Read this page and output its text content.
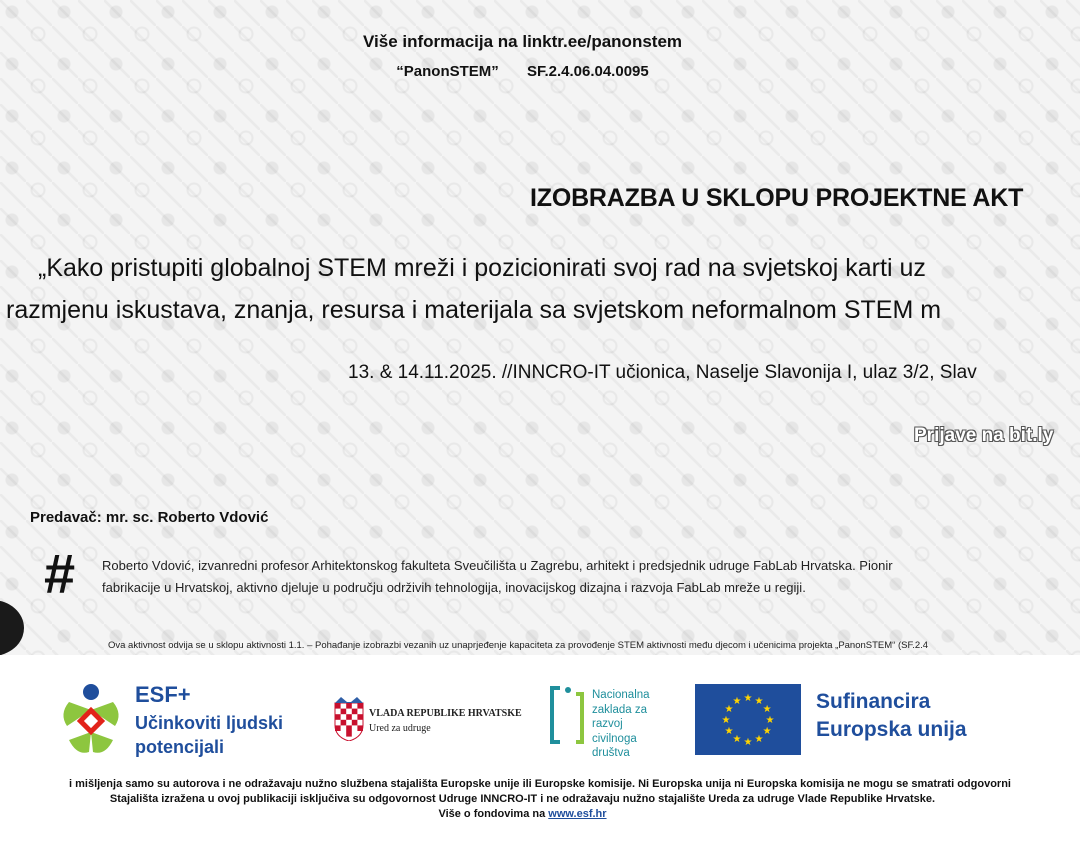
Više informacija na linktr.ee/panonstem
“PanonSTEM” SF.2.4.06.04.0095
IZOBRAZBA U SKLOPU PROJEKTNE AKT
„Kako pristupiti globalnoj STEM mreži i pozicionirati svoj rad na svjetskoj karti uz
razmjenu iskustava, znanja, resursa i materijala sa svjetskom neformalnom STEM m
13. & 14.11.2025. //INNCRO-IT učionica, Naselje Slavonija I, ulaz 3/2, Slav
Prijave na bit.ly
Predavač: mr. sc. Roberto Vdović
#	Roberto Vdović, izvanredni profesor Arhitektonskog fakulteta Sveučilišta u Zagrebu, arhitekt i predsjednik udruge FabLab Hrvatska. Pionir
fabrikacije u Hrvatskoj, aktivno djeluje u području održivih tehnologija, inovacijskog dizajna i razvoja FabLab mreže u regiji.
Ova aktivnost odvija se u sklopu aktivnosti 1.1. – Pohađanje izobrazbi vezanih uz unaprjeđenje kapaciteta za provođenje STEM aktivnosti među djecom i učenicima projekta „PanonSTEM“ (SF.2.4
ESF+
Učinkoviti ljudski
potencijali
VLADA REPUBLIKE HRVATSKE
Ured za udruge
Nacionalna
zaklada za
razvoj
civilnoga
društva
★ ★
★
★
★
★
★
★
★
★
★
★	Sufinancira
Europska unija
i mišljenja samo su autorova i ne odražavaju nužno službena stajališta Europske unije ili Europske komisije. Ni Europska unija ni Europska komisija ne mogu se smatrati odgovorni
Stajališta izražena u ovoj publikaciji isključiva su odgovornost Udruge INNCRO-IT i ne odražavaju nužno stajalište Ureda za udruge Vlade Republike Hrvatske.
Više o fondovima na www.esf.hr
